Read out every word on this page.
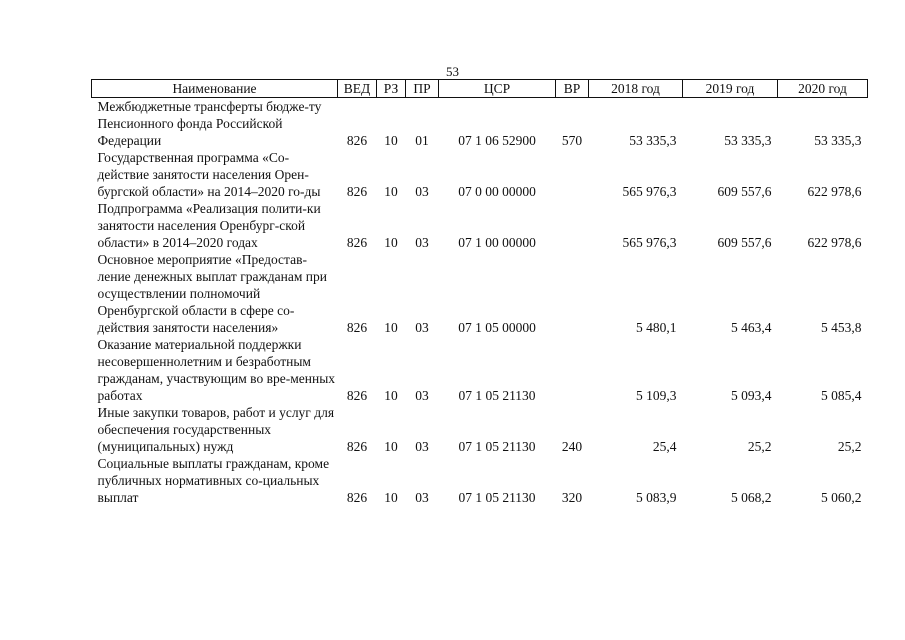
53
Наименование	ВЕД	РЗ	ПР	ЦСР	ВР	2018 год	2019 год	2020 год
Межбюджетные трансферты бюдже-ту Пенсионного фонда Российской Федерации	826	10	01	07 1 06 52900	570	53 335,3	53 335,3	53 335,3
Государственная программа «Со-действие занятости населения Орен-бургской области» на 2014–2020 го-ды	826	10	03	07 0 00 00000		565 976,3	609 557,6	622 978,6
Подпрограмма «Реализация полити-ки занятости населения Оренбург-ской области» в 2014–2020 годах	826	10	03	07 1 00 00000		565 976,3	609 557,6	622 978,6
Основное мероприятие «Предостав-ление денежных выплат гражданам при осуществлении полномочий Оренбургской области в сфере со-действия занятости населения»	826	10	03	07 1 05 00000		5 480,1	5 463,4	5 453,8
Оказание материальной поддержки несовершеннолетним и безработным гражданам, участвующим во вре-менных работах	826	10	03	07 1 05 21130		5 109,3	5 093,4	5 085,4
Иные закупки товаров, работ и услуг для обеспечения государственных (муниципальных) нужд	826	10	03	07 1 05 21130	240	25,4	25,2	25,2
Социальные выплаты гражданам, кроме публичных нормативных со-циальных выплат	826	10	03	07 1 05 21130	320	5 083,9	5 068,2	5 060,2
